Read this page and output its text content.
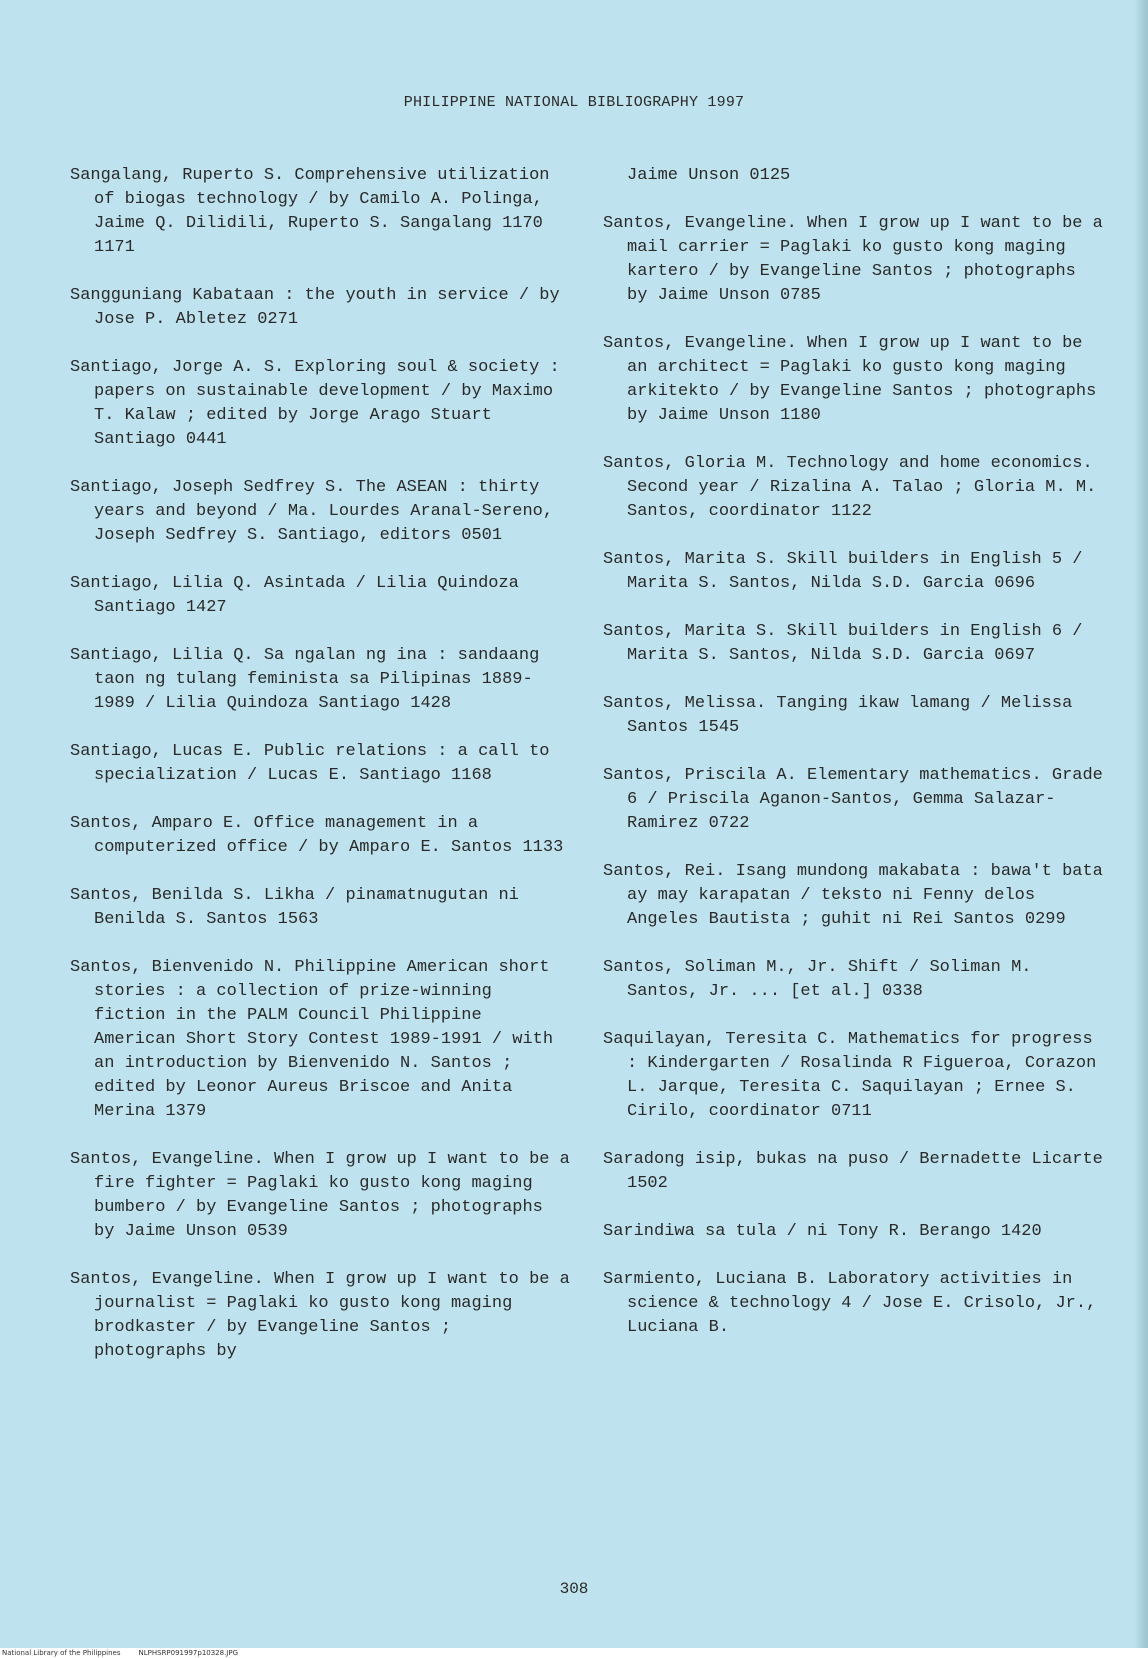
PHILIPPINE NATIONAL BIBLIOGRAPHY 1997

Sangalang, Ruperto S. Comprehensive utilization of biogas technology / by Camilo A. Polinga, Jaime Q. Dilidili, Ruperto S. Sangalang 1170 1171

Sangguniang Kabataan : the youth in service / by Jose P. Abletez 0271

Santiago, Jorge A. S. Exploring soul & society : papers on sustainable development / by Maximo T. Kalaw ; edited by Jorge Arago Stuart Santiago 0441

Santiago, Joseph Sedfrey S. The ASEAN : thirty years and beyond / Ma. Lourdes Aranal-Sereno, Joseph Sedfrey S. Santiago, editors 0501

Santiago, Lilia Q. Asintada / Lilia Quindoza Santiago 1427

Santiago, Lilia Q. Sa ngalan ng ina : sandaang taon ng tulang feminista sa Pilipinas 1889-1989 / Lilia Quindoza Santiago 1428

Santiago, Lucas E. Public relations : a call to specialization / Lucas E. Santiago 1168

Santos, Amparo E. Office management in a computerized office / by Amparo E. Santos 1133

Santos, Benilda S. Likha / pinamatnugutan ni Benilda S. Santos 1563

Santos, Bienvenido N. Philippine American short stories : a collection of prize-winning fiction in the PALM Council Philippine American Short Story Contest 1989-1991 / with an introduction by Bienvenido N. Santos ; edited by Leonor Aureus Briscoe and Anita Merina 1379

Santos, Evangeline. When I grow up I want to be a fire fighter = Paglaki ko gusto kong maging bumbero / by Evangeline Santos ; photographs by Jaime Unson 0539

Santos, Evangeline. When I grow up I want to be a journalist = Paglaki ko gusto kong maging brodkaster / by Evangeline Santos ; photographs by

Jaime Unson 0125

Santos, Evangeline. When I grow up I want to be a mail carrier = Paglaki ko gusto kong maging kartero / by Evangeline Santos ; photographs by Jaime Unson 0785

Santos, Evangeline. When I grow up I want to be an architect = Paglaki ko gusto kong maging arkitekto / by Evangeline Santos ; photographs by Jaime Unson 1180

Santos, Gloria M. Technology and home economics. Second year / Rizalina A. Talao ; Gloria M. M. Santos, coordinator 1122

Santos, Marita S. Skill builders in English 5 / Marita S. Santos, Nilda S.D. Garcia 0696

Santos, Marita S. Skill builders in English 6 / Marita S. Santos, Nilda S.D. Garcia 0697

Santos, Melissa. Tanging ikaw lamang / Melissa Santos 1545

Santos, Priscila A. Elementary mathematics. Grade 6 / Priscila Aganon-Santos, Gemma Salazar-Ramirez 0722

Santos, Rei. Isang mundong makabata : bawa't bata ay may karapatan / teksto ni Fenny delos Angeles Bautista ; guhit ni Rei Santos 0299

Santos, Soliman M., Jr. Shift / Soliman M. Santos, Jr. ... [et al.] 0338

Saquilayan, Teresita C. Mathematics for progress : Kindergarten / Rosalinda R Figueroa, Corazon L. Jarque, Teresita C. Saquilayan ; Ernee S. Cirilo, coordinator 0711

Saradong isip, bukas na puso / Bernadette Licarte 1502

Sarindiwa sa tula / ni Tony R. Berango 1420

Sarmiento, Luciana B. Laboratory activities in science & technology 4 / Jose E. Crisolo, Jr., Luciana B.

308
National Library of the Philippines	NLPHSRP091997p10328.JPG
